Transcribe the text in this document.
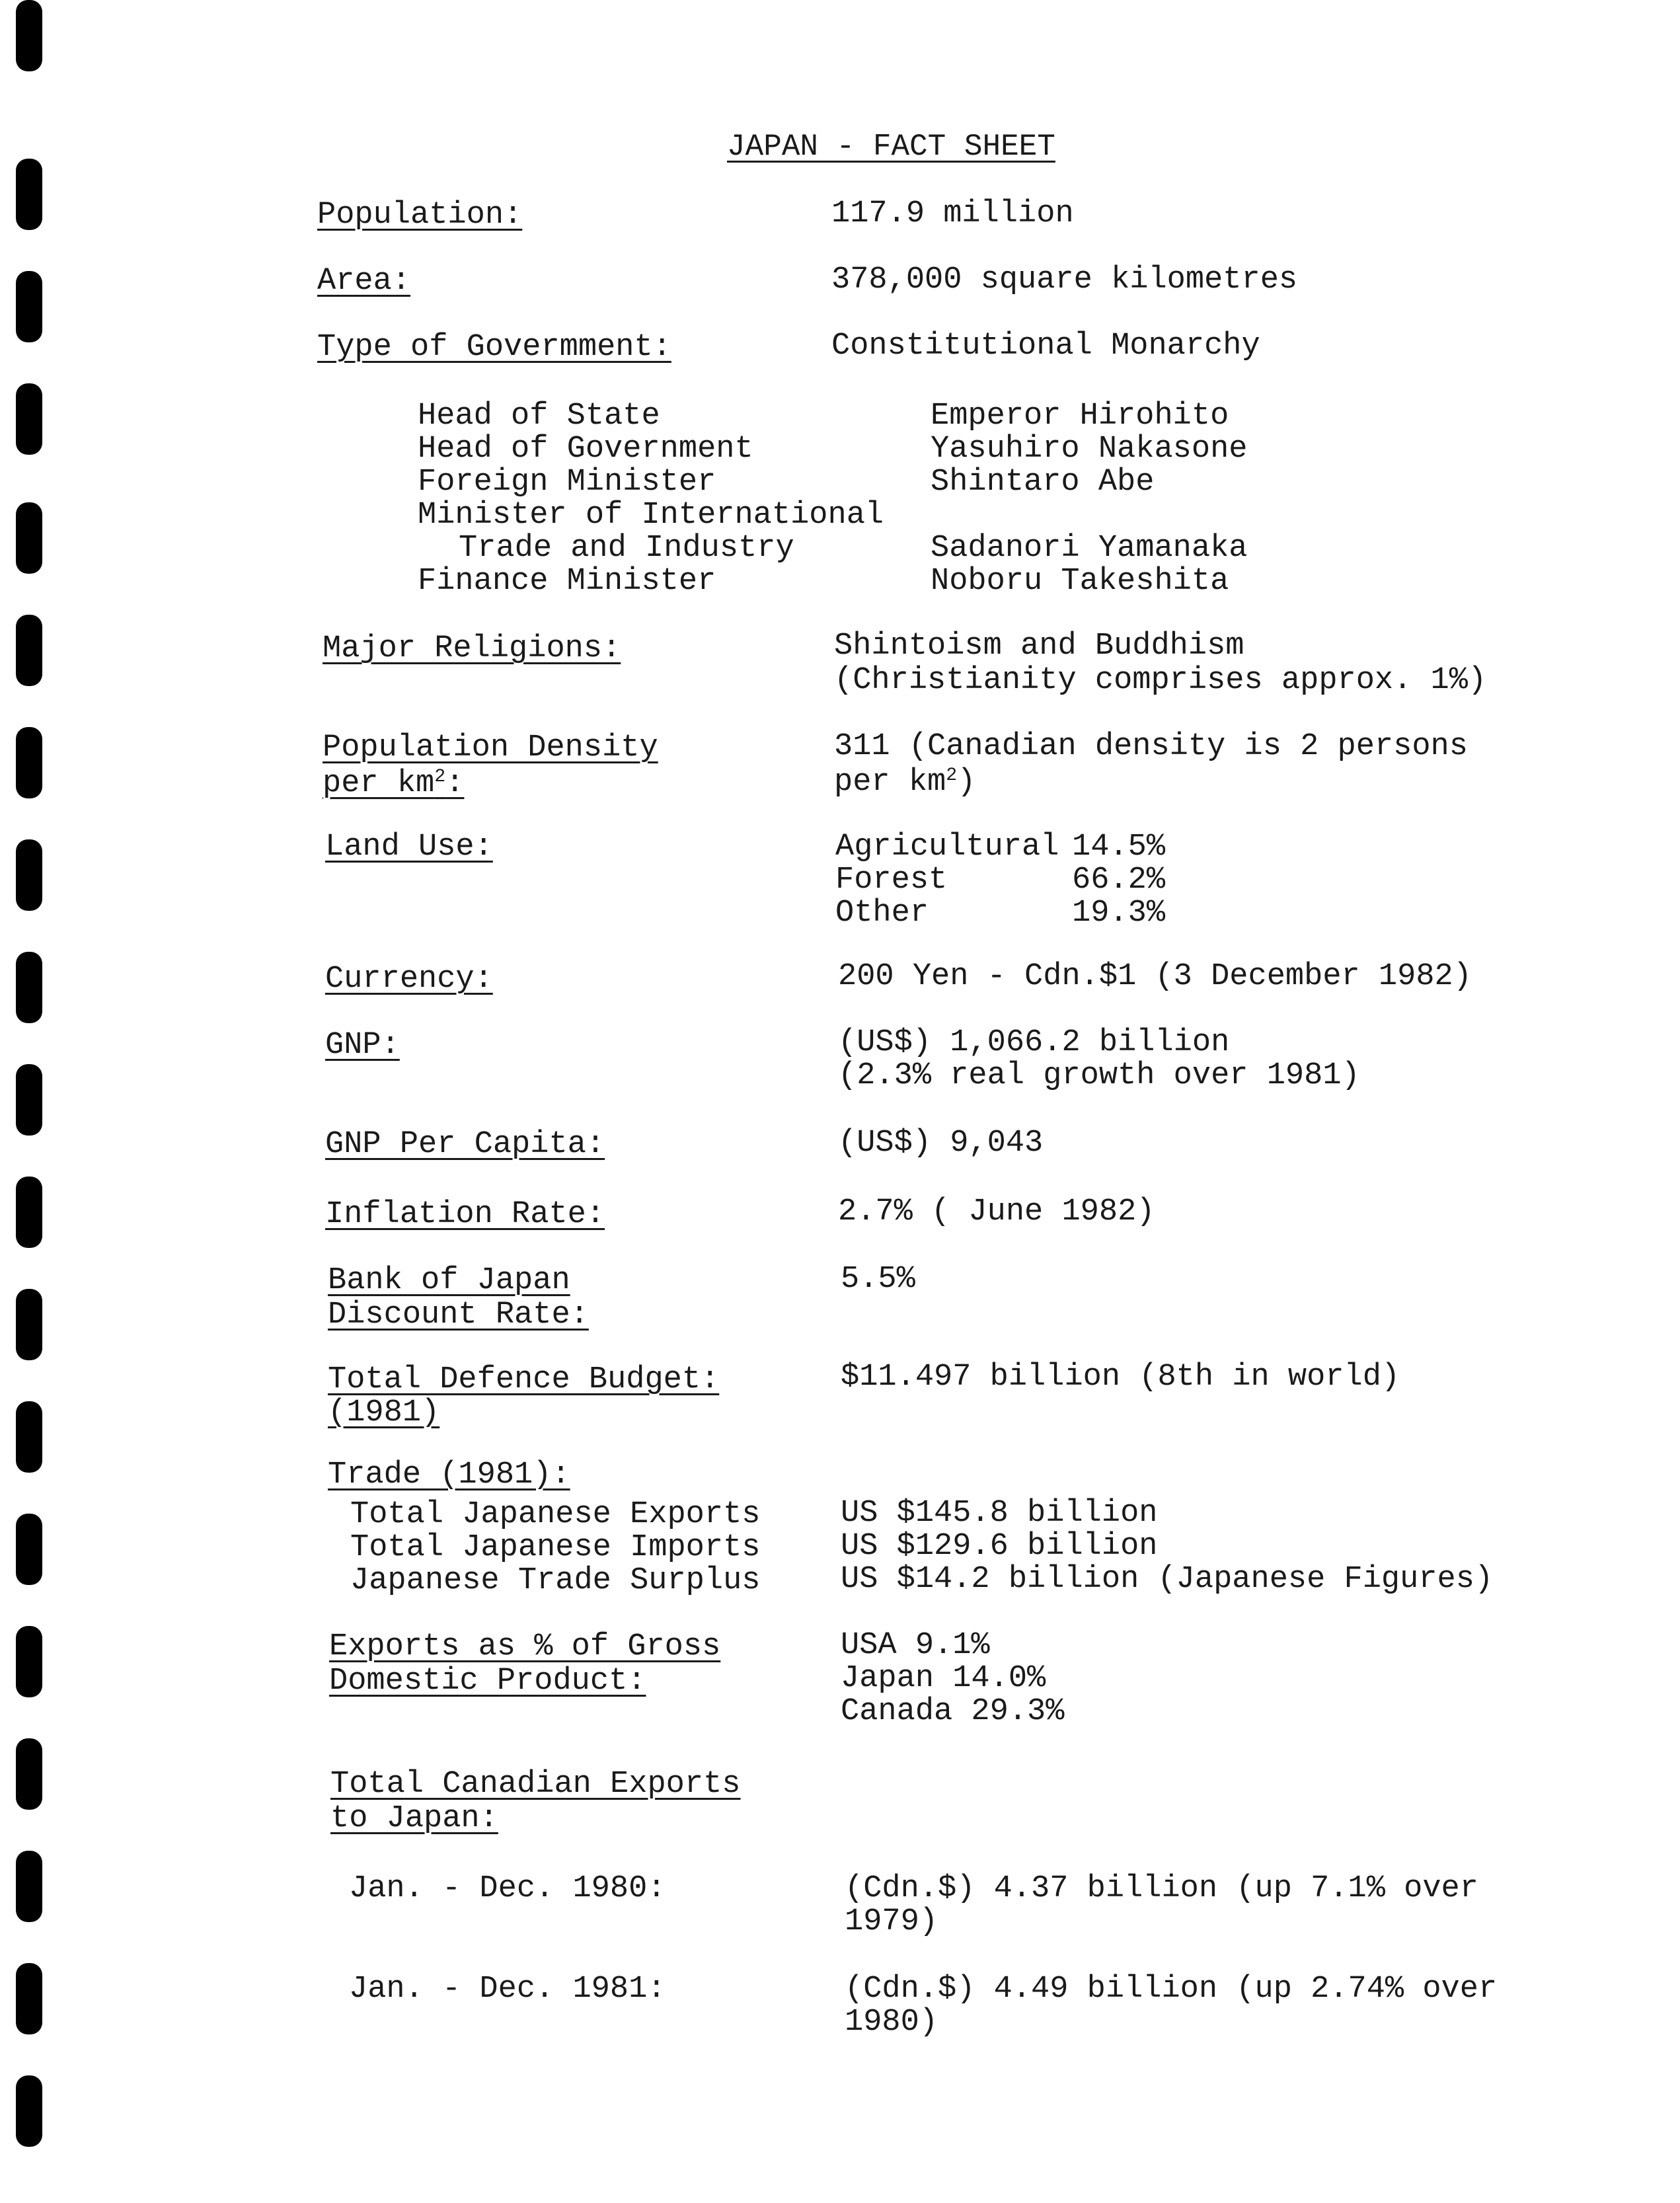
JAPAN - FACT SHEET
Population:	117.9 million
Area:	378,000 square kilometres
Type of Govermment:	Constitutional Monarchy
Head of State	Emperor Hirohito
Head of Government	Yasuhiro Nakasone
Foreign Minister	Shintaro Abe
Minister of International
Trade and Industry	Sadanori Yamanaka
Finance Minister	Noboru Takeshita
Major Religions:	Shintoism and Buddhism
(Christianity comprises approx. 1%)
Population Density
per $km^2$:
311 (Canadian density is 2 persons
per $km^2$)
Land Use:	Agricultural 14.5%
Forest	66.2%
Other	19.3%
Currency:	200 Yen - Cdn.$1 (3 December 1982)
GNP:	(US$) 1,066.2 billion
(2.3% real growth over 1981)
GNP Per Capita:	(US$) 9,043
Inflation Rate:	2.7% ( June 1982)
Bank of Japan
Discount Rate:
5.5%
Total Defence Budget:
(1981)
$11.497 billion (8th in world)
Trade (1981):
Total Japanese Exports	US $145.8 billion
Total Japanese Imports	US $129.6 billion
Japanese Trade Surplus	US $14.2 billion (Japanese Figures)
Exports as % of Gross
Domestic Product:
USA 9.1%
Japan 14.0%
Canada 29.3%
Total Canadian Exports
to Japan:
Jan. - Dec. 1980:	(Cdn.$) 4.37 billion (up 7.1% over
1979)
Jan. - Dec. 1981:	(Cdn.$) 4.49 billion (up 2.74% over
1980)
